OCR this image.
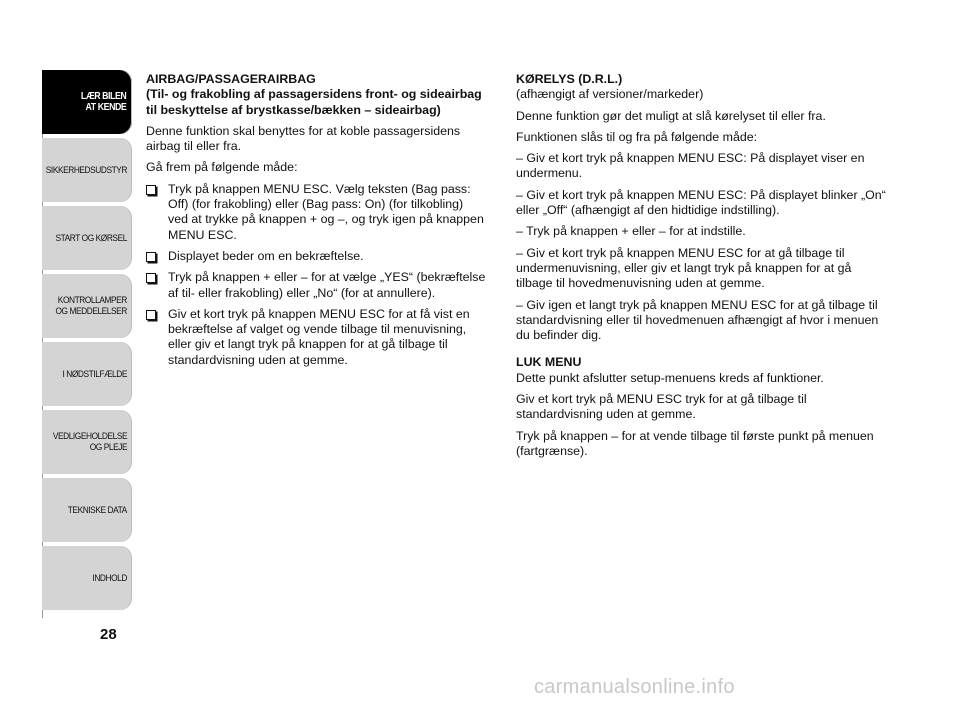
LÆR BILEN
AT KENDE
SIKKERHEDSUDSTYR
START OG KØRSEL
KONTROLLAMPER
OG MEDDELELSER
I NØDSTILFÆLDE
VEDLIGEHOLDELSE
OG PLEJE
TEKNISKE DATA
INDHOLD
28
AIRBAG/PASSAGERAIRBAG
(Til- og frakobling af passagersidens front- og sideairbag til beskyttelse af brystkasse/bækken – sideairbag)

Denne funktion skal benyttes for at koble passagersidens airbag til eller fra.

Gå frem på følgende måde:

Tryk på knappen MENU ESC. Vælg teksten (Bag pass: Off) (for frakobling) eller (Bag pass: On) (for tilkobling) ved at trykke på knappen + og –, og tryk igen på knappen MENU ESC.
Displayet beder om en bekræftelse.
Tryk på knappen + eller – for at vælge „YES“ (bekræftelse af til- eller frakobling) eller „No“ (for at annullere).
Giv et kort tryk på knappen MENU ESC for at få vist en bekræftelse af valget og vende tilbage til menuvisning, eller giv et langt tryk på knappen for at gå tilbage til standardvisning uden at gemme.
KØRELYS (D.R.L.)

(afhængigt af versioner/markeder)

Denne funktion gør det muligt at slå kørelyset til eller fra.

Funktionen slås til og fra på følgende måde:

– Giv et kort tryk på knappen MENU ESC: På displayet viser en undermenu.

– Giv et kort tryk på knappen MENU ESC: På displayet blinker „On“ eller „Off“ (afhængigt af den hidtidige indstilling).

– Tryk på knappen + eller – for at indstille.

– Giv et kort tryk på knappen MENU ESC for at gå tilbage til undermenuvisning, eller giv et langt tryk på knappen for at gå tilbage til hovedmenuvisning uden at gemme.

– Giv igen et langt tryk på knappen MENU ESC for at gå tilbage til standardvisning eller til hovedmenuen afhængigt af hvor i menuen du befinder dig.

LUK MENU

Dette punkt afslutter setup-menuens kreds af funktioner.

Giv et kort tryk på MENU ESC tryk for at gå tilbage til standardvisning uden at gemme.

Tryk på knappen – for at vende tilbage til første punkt på menuen (fartgrænse).

carmanualsonline.info
